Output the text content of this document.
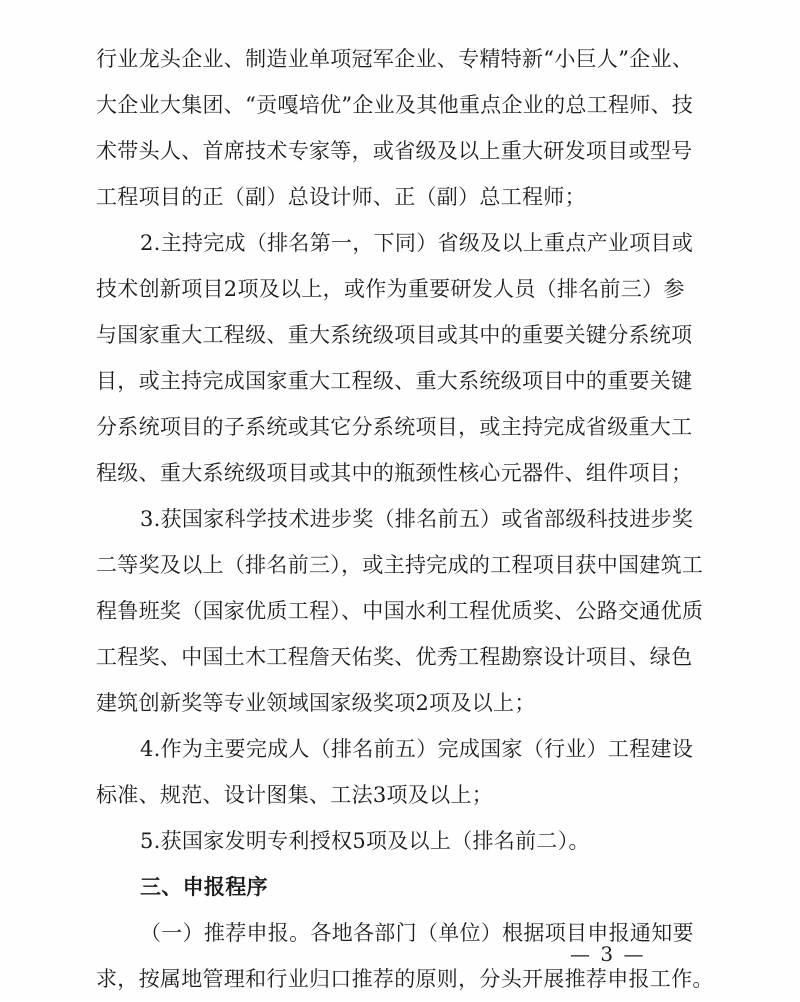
行业龙头企业、制造业单项冠军企业、专精特新“小巨人”企业、
大企业大集团、“贡嘎培优”企业及其他重点企业的总工程师、技
术带头人、首席技术专家等，或省级及以上重大研发项目或型号
工程项目的正（副）总设计师、正（副）总工程师；
2.主持完成（排名第一，下同）省级及以上重点产业项目或
技术创新项目2项及以上，或作为重要研发人员（排名前三）参
与国家重大工程级、重大系统级项目或其中的重要关键分系统项
目，或主持完成国家重大工程级、重大系统级项目中的重要关键
分系统项目的子系统或其它分系统项目，或主持完成省级重大工
程级、重大系统级项目或其中的瓶颈性核心元器件、组件项目；
3.获国家科学技术进步奖（排名前五）或省部级科技进步奖
二等奖及以上（排名前三），或主持完成的工程项目获中国建筑工
程鲁班奖（国家优质工程）、中国水利工程优质奖、公路交通优质
工程奖、中国土木工程詹天佑奖、优秀工程勘察设计项目、绿色
建筑创新奖等专业领域国家级奖项2项及以上；
4.作为主要完成人（排名前五）完成国家（行业）工程建设
标准、规范、设计图集、工法3项及以上；
5.获国家发明专利授权5项及以上（排名前二）。
三、申报程序
（一）推荐申报。各地各部门（单位）根据项目申报通知要
求，按属地管理和行业归口推荐的原则，分头开展推荐申报工作。
— 3 —
